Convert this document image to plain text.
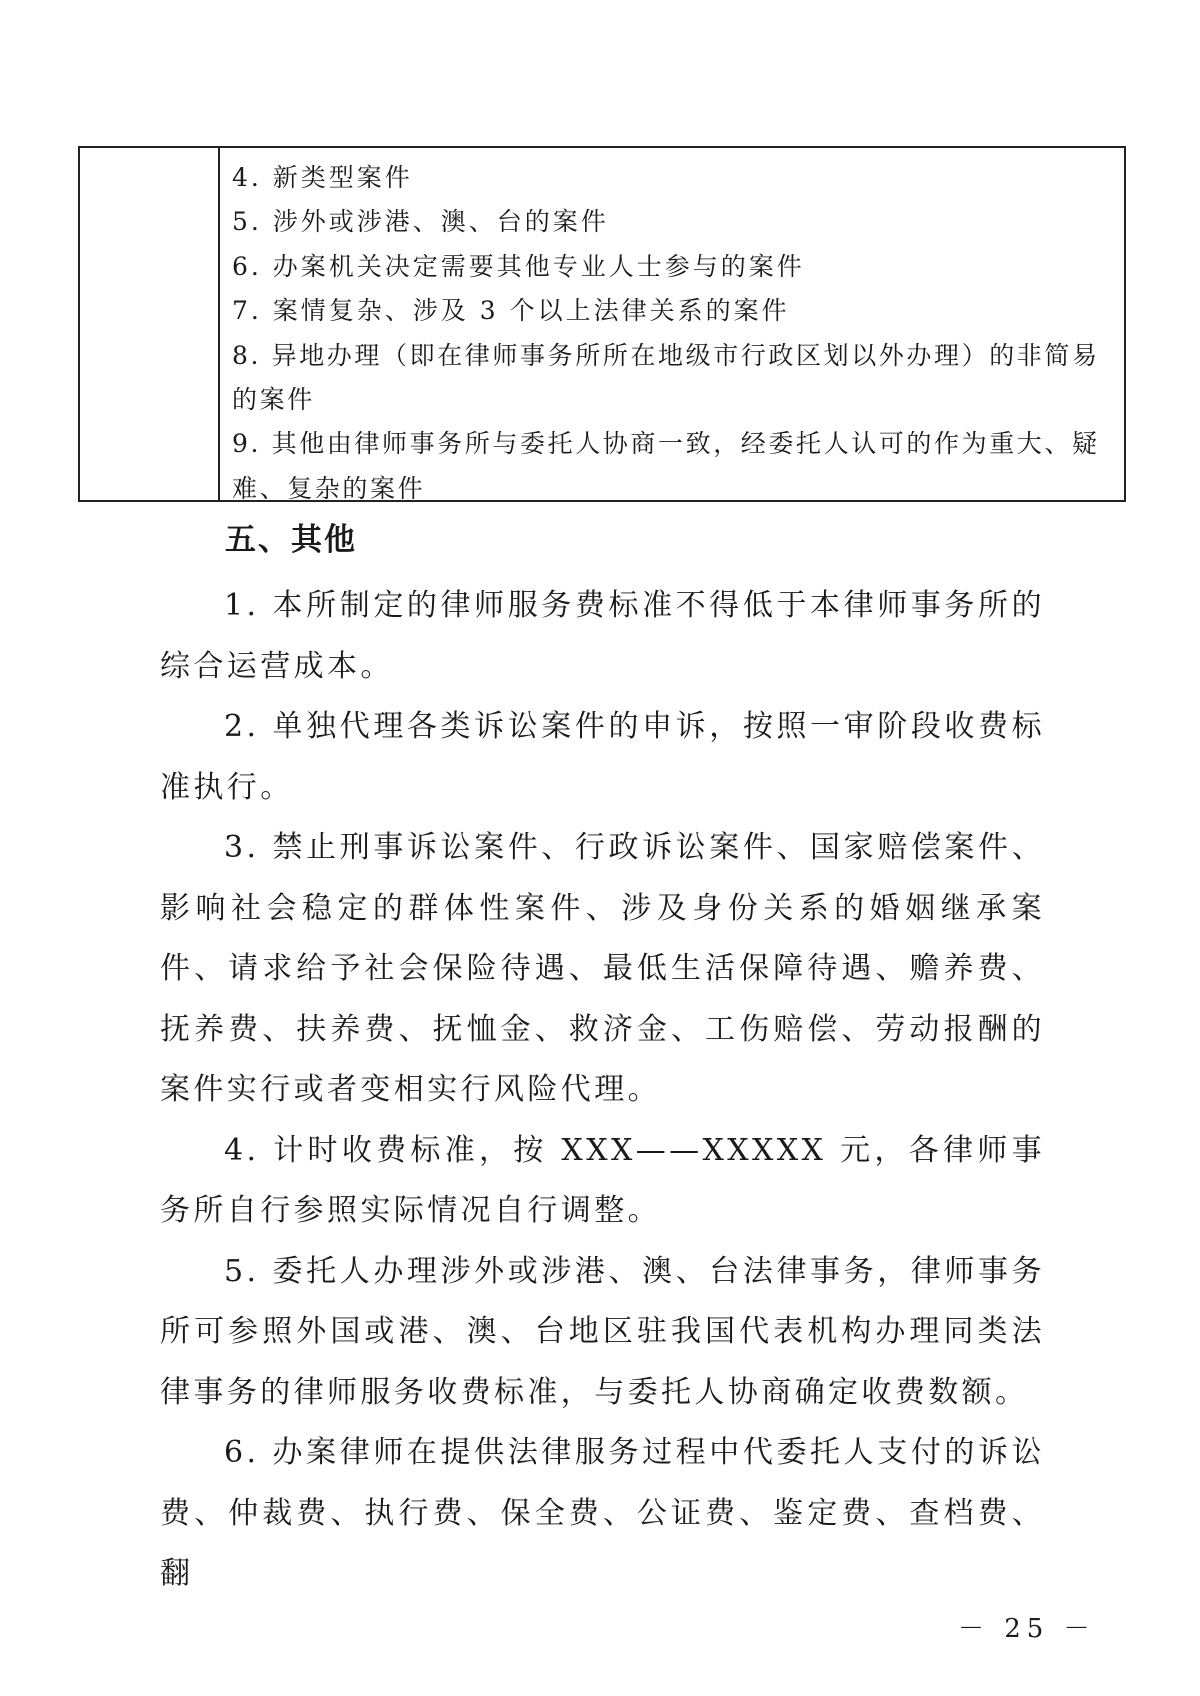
4. 新类型案件
5. 涉外或涉港、澳、台的案件
6. 办案机关决定需要其他专业人士参与的案件
7. 案情复杂、涉及 3 个以上法律关系的案件
8. 异地办理（即在律师事务所所在地级市行政区划以外办理）的非简易的案件
9. 其他由律师事务所与委托人协商一致，经委托人认可的作为重大、疑难、复杂的案件
五、其他

1. 本所制定的律师服务费标准不得低于本律师事务所的综合运营成本。

2. 单独代理各类诉讼案件的申诉，按照一审阶段收费标准执行。

3. 禁止刑事诉讼案件、行政诉讼案件、国家赔偿案件、影响社会稳定的群体性案件、涉及身份关系的婚姻继承案件、请求给予社会保险待遇、最低生活保障待遇、赡养费、抚养费、扶养费、抚恤金、救济金、工伤赔偿、劳动报酬的案件实行或者变相实行风险代理。

4. 计时收费标准，按 XXX——XXXXX 元，各律师事务所自行参照实际情况自行调整。

5. 委托人办理涉外或涉港、澳、台法律事务，律师事务所可参照外国或港、澳、台地区驻我国代表机构办理同类法律事务的律师服务收费标准，与委托人协商确定收费数额。

6. 办案律师在提供法律服务过程中代委托人支付的诉讼费、仲裁费、执行费、保全费、公证费、鉴定费、查档费、翻

－ 25 －
